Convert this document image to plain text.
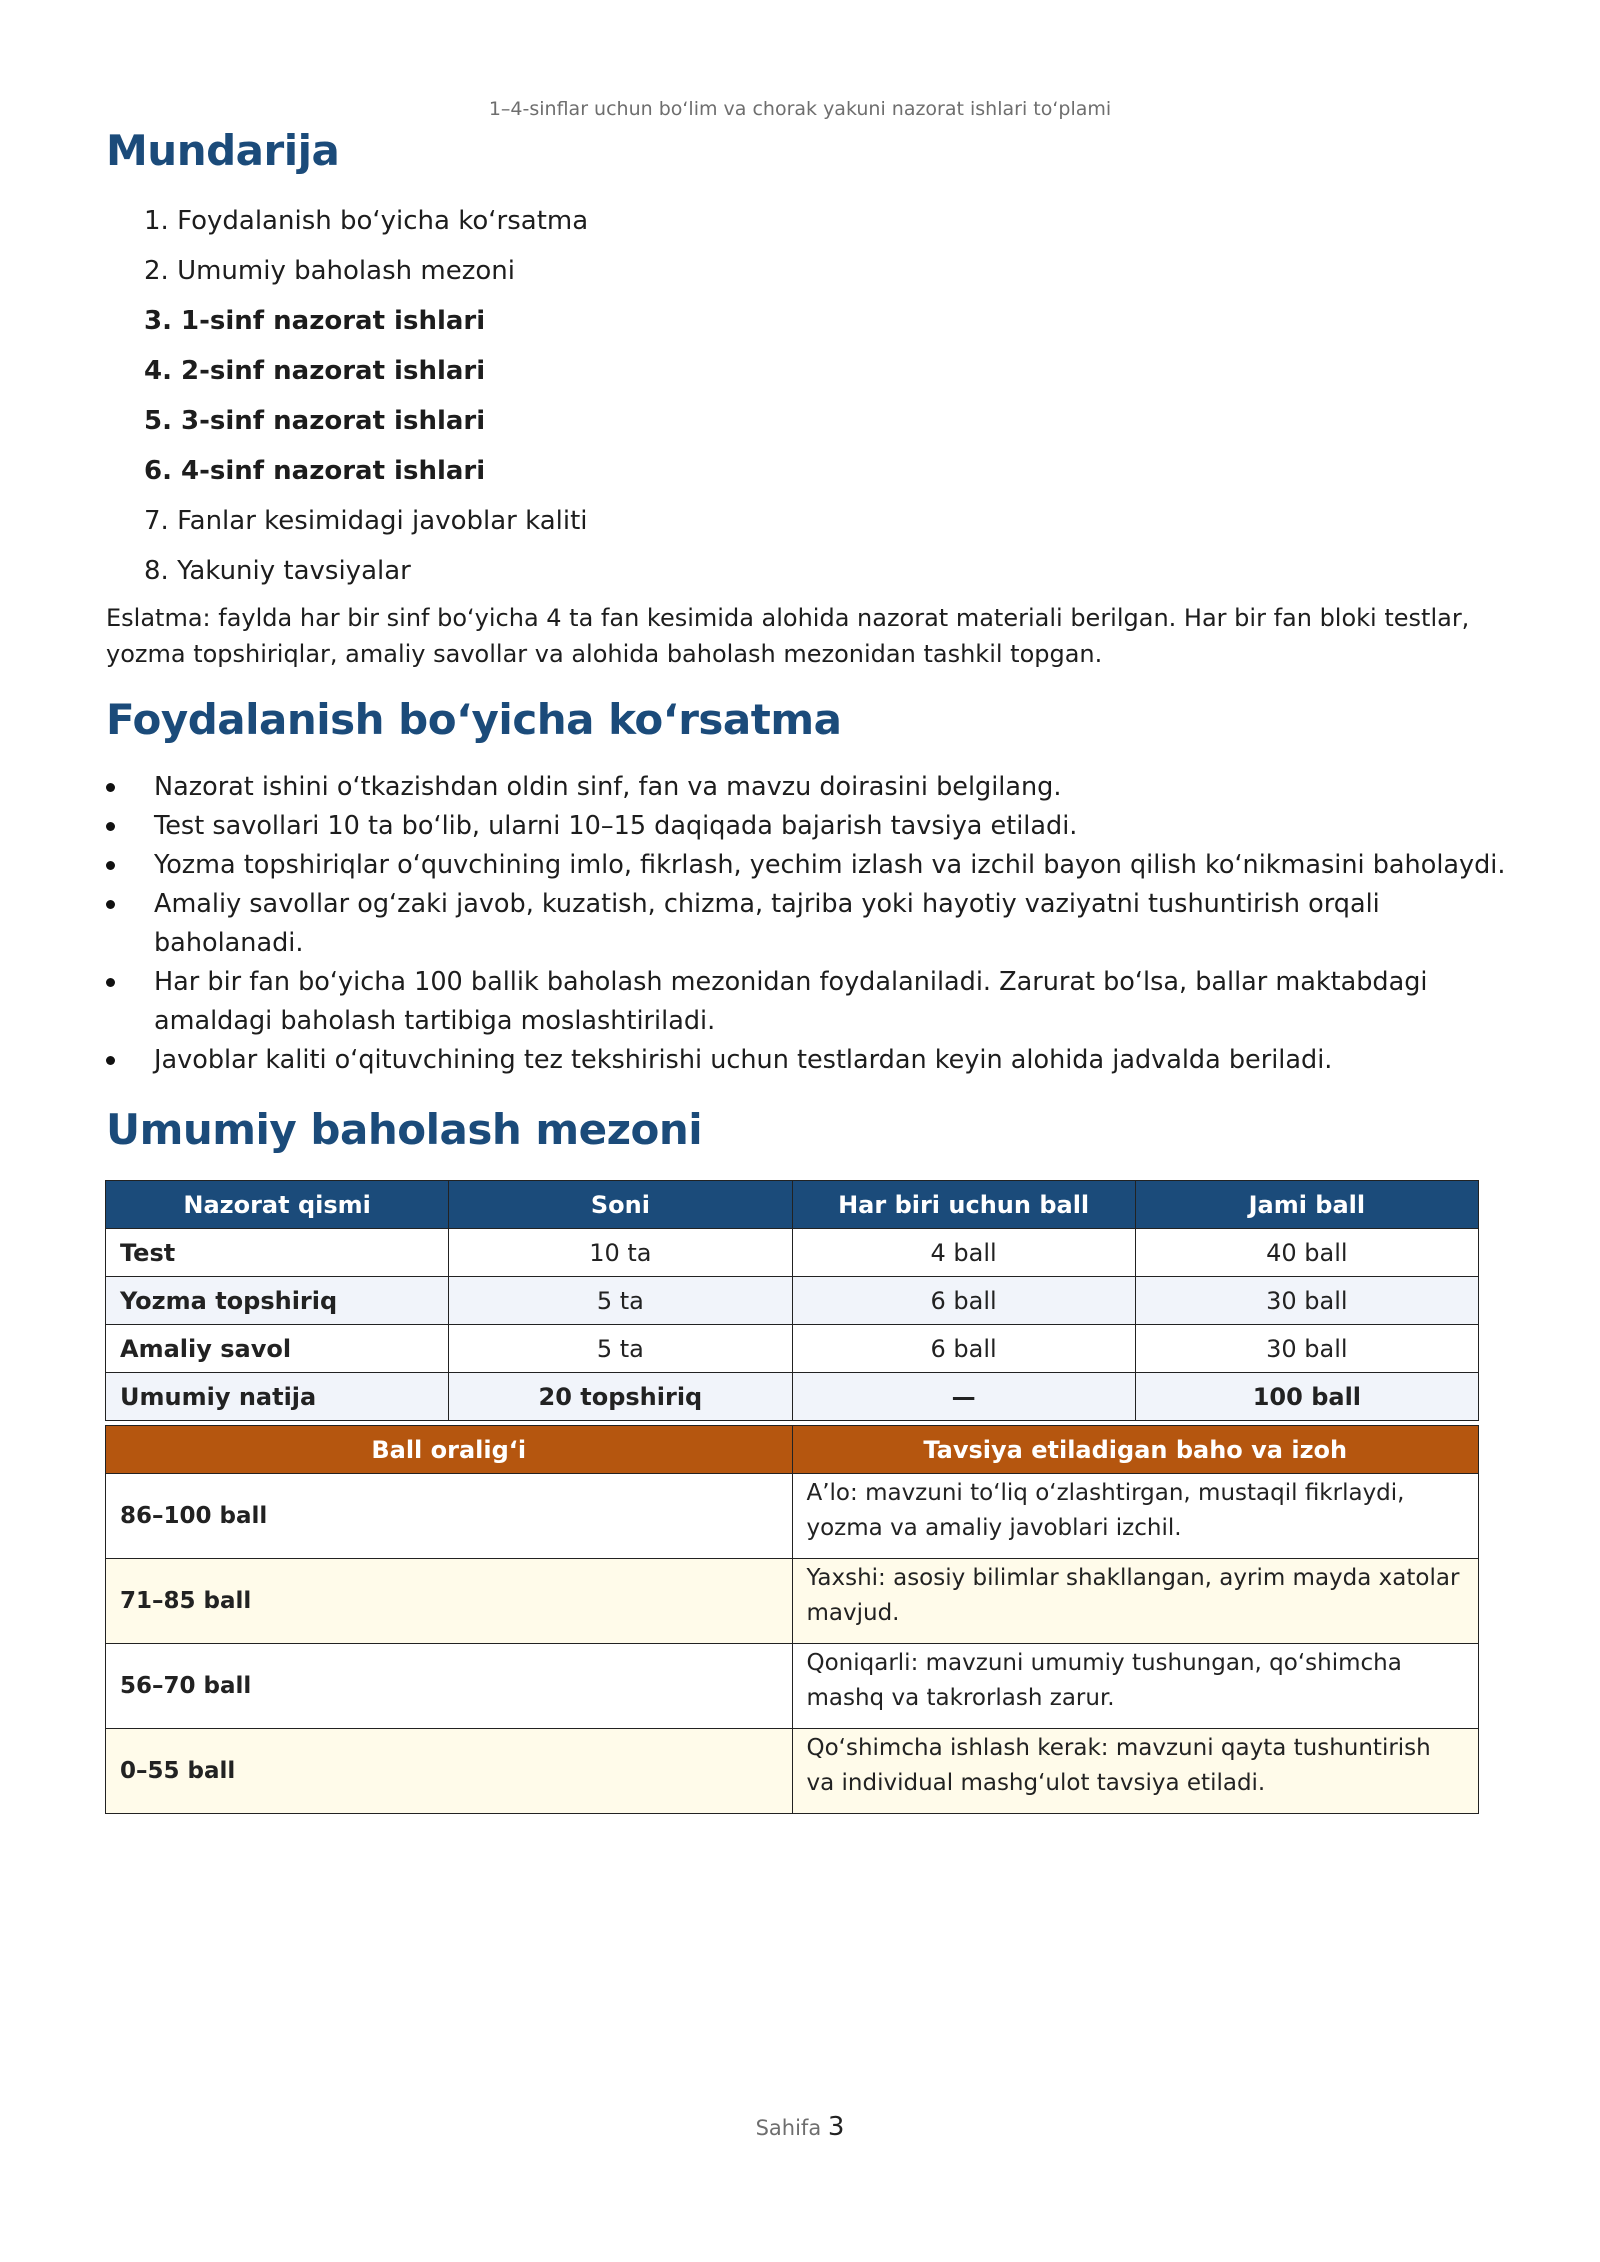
1–4-sinflar uchun bo‘lim va chorak yakuni nazorat ishlari to‘plami
Mundarija
1. Foydalanish bo‘yicha ko‘rsatma
2. Umumiy baholash mezoni
3. 1-sinf nazorat ishlari
4. 2-sinf nazorat ishlari
5. 3-sinf nazorat ishlari
6. 4-sinf nazorat ishlari
7. Fanlar kesimidagi javoblar kaliti
8. Yakuniy tavsiyalar
Eslatma: faylda har bir sinf bo‘yicha 4 ta fan kesimida alohida nazorat materiali berilgan. Har bir fan bloki testlar, yozma topshiriqlar, amaliy savollar va alohida baholash mezonidan tashkil topgan.
Foydalanish boʻyicha koʻrsatma
Nazorat ishini o‘tkazishdan oldin sinf, fan va mavzu doirasini belgilang.
Test savollari 10 ta bo‘lib, ularni 10–15 daqiqada bajarish tavsiya etiladi.
Yozma topshiriqlar o‘quvchining imlo, fikrlash, yechim izlash va izchil bayon qilish ko‘nikmasini baholaydi.
Amaliy savollar og‘zaki javob, kuzatish, chizma, tajriba yoki hayotiy vaziyatni tushuntirish orqali baholanadi.
Har bir fan bo‘yicha 100 ballik baholash mezonidan foydalaniladi. Zarurat bo‘lsa, ballar maktabdagi amaldagi baholash tartibiga moslashtiriladi.
Javoblar kaliti o‘qituvchining tez tekshirishi uchun testlardan keyin alohida jadvalda beriladi.
Umumiy baholash mezoni
Nazorat qismi	Soni	Har biri uchun ball	Jami ball
Test	10 ta	4 ball	40 ball
Yozma topshiriq	5 ta	6 ball	30 ball
Amaliy savol	5 ta	6 ball	30 ball
Umumiy natija	20 topshiriq	—	100 ball
Ball oralig‘i	Tavsiya etiladigan baho va izoh
86–100 ball	A’lo: mavzuni to‘liq o‘zlashtirgan, mustaqil fikrlaydi, yozma va amaliy javoblari izchil.
71–85 ball	Yaxshi: asosiy bilimlar shakllangan, ayrim mayda xatolar mavjud.
56–70 ball	Qoniqarli: mavzuni umumiy tushungan, qo‘shimcha mashq va takrorlash zarur.
0–55 ball	Qo‘shimcha ishlash kerak: mavzuni qayta tushuntirish va individual mashg‘ulot tavsiya etiladi.
Sahifa 3
